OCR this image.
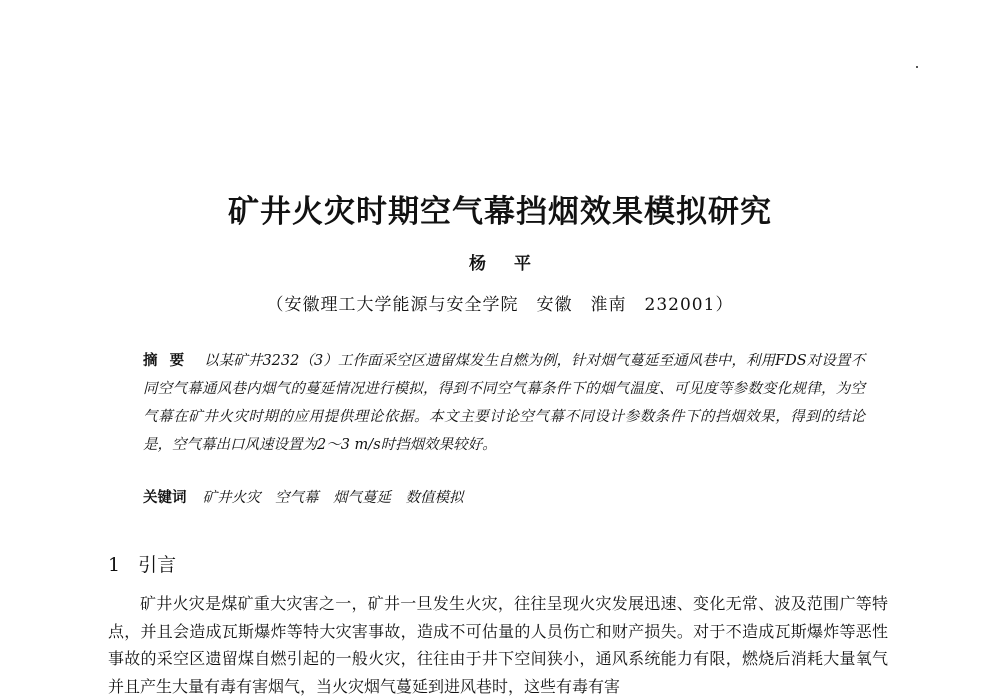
矿井火灾时期空气幕挡烟效果模拟研究
杨平
（安徽理工大学能源与安全学院　安徽　淮南　232001）
摘要 以某矿井3232（3）工作面采空区遗留煤发生自燃为例，针对烟气蔓延至通风巷中，利用FDS对设置不同空气幕通风巷内烟气的蔓延情况进行模拟，得到不同空气幕条件下的烟气温度、可见度等参数变化规律，为空气幕在矿井火灾时期的应用提供理论依据。本文主要讨论空气幕不同设计参数条件下的挡烟效果，得到的结论是，空气幕出口风速设置为2～3 m/s时挡烟效果较好。
关键词 矿井火灾　空气幕　烟气蔓延　数值模拟
1 引言
矿井火灾是煤矿重大灾害之一，矿井一旦发生火灾，往往呈现火灾发展迅速、变化无常、波及范围广等特点，并且会造成瓦斯爆炸等特大灾害事故，造成不可估量的人员伤亡和财产损失。对于不造成瓦斯爆炸等恶性事故的采空区遗留煤自燃引起的一般火灾，往往由于井下空间狭小，通风系统能力有限，燃烧后消耗大量氧气并且产生大量有毒有害烟气，当火灾烟气蔓延到进风巷时，这些有毒有害
